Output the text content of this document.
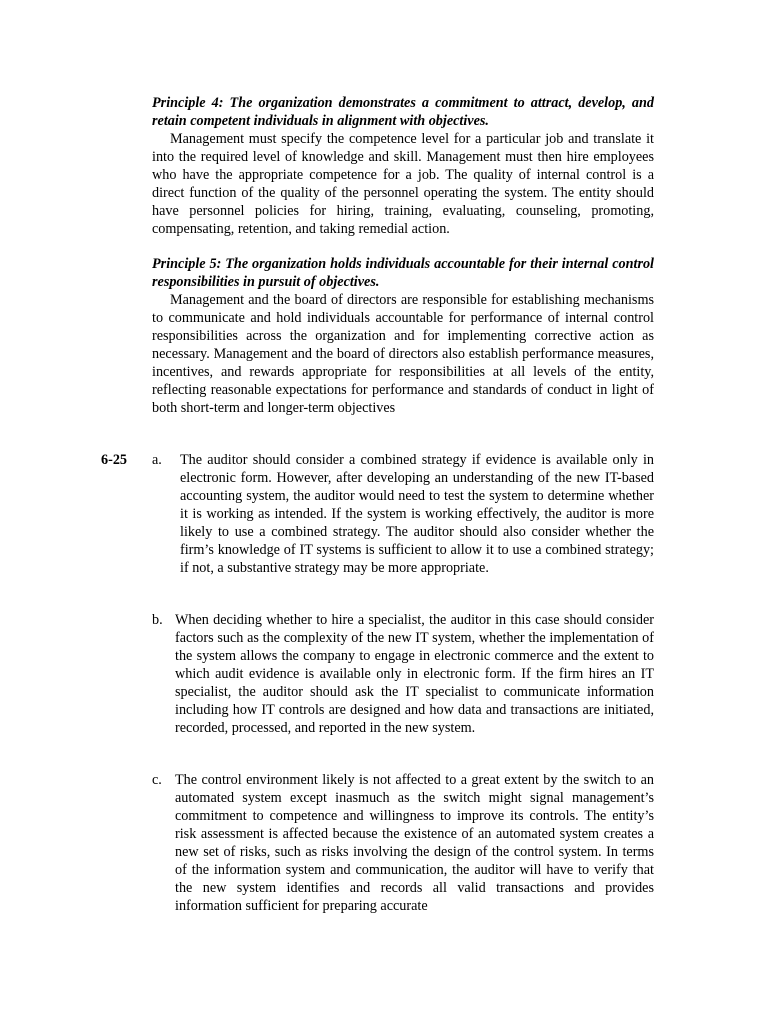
Principle 4: The organization demonstrates a commitment to attract, develop, and retain competent individuals in alignment with objectives.

Management must specify the competence level for a particular job and translate it into the required level of knowledge and skill. Management must then hire employees who have the appropriate competence for a job. The quality of internal control is a direct function of the quality of the personnel operating the system. The entity should have personnel policies for hiring, training, evaluating, counseling, promoting, compensating, retention, and taking remedial action.

Principle 5: The organization holds individuals accountable for their internal control responsibilities in pursuit of objectives.

Management and the board of directors are responsible for establishing mechanisms to communicate and hold individuals accountable for performance of internal control responsibilities across the organization and for implementing corrective action as necessary. Management and the board of directors also establish performance measures, incentives, and rewards appropriate for responsibilities at all levels of the entity, reflecting reasonable expectations for performance and standards of conduct in light of both short-term and longer-term objectives

6-25 a. The auditor should consider a combined strategy if evidence is available only in electronic form. However, after developing an understanding of the new IT-based accounting system, the auditor would need to test the system to determine whether it is working as intended. If the system is working effectively, the auditor is more likely to use a combined strategy. The auditor should also consider whether the firm’s knowledge of IT systems is sufficient to allow it to use a combined strategy; if not, a substantive strategy may be more appropriate.

b. When deciding whether to hire a specialist, the auditor in this case should consider factors such as the complexity of the new IT system, whether the implementation of the system allows the company to engage in electronic commerce and the extent to which audit evidence is available only in electronic form. If the firm hires an IT specialist, the auditor should ask the IT specialist to communicate information including how IT controls are designed and how data and transactions are initiated, recorded, processed, and reported in the new system.

c. The control environment likely is not affected to a great extent by the switch to an automated system except inasmuch as the switch might signal management’s commitment to competence and willingness to improve its controls. The entity’s risk assessment is affected because the existence of an automated system creates a new set of risks, such as risks involving the design of the control system. In terms of the information system and communication, the auditor will have to verify that the new system identifies and records all valid transactions and provides information sufficient for preparing accurate
